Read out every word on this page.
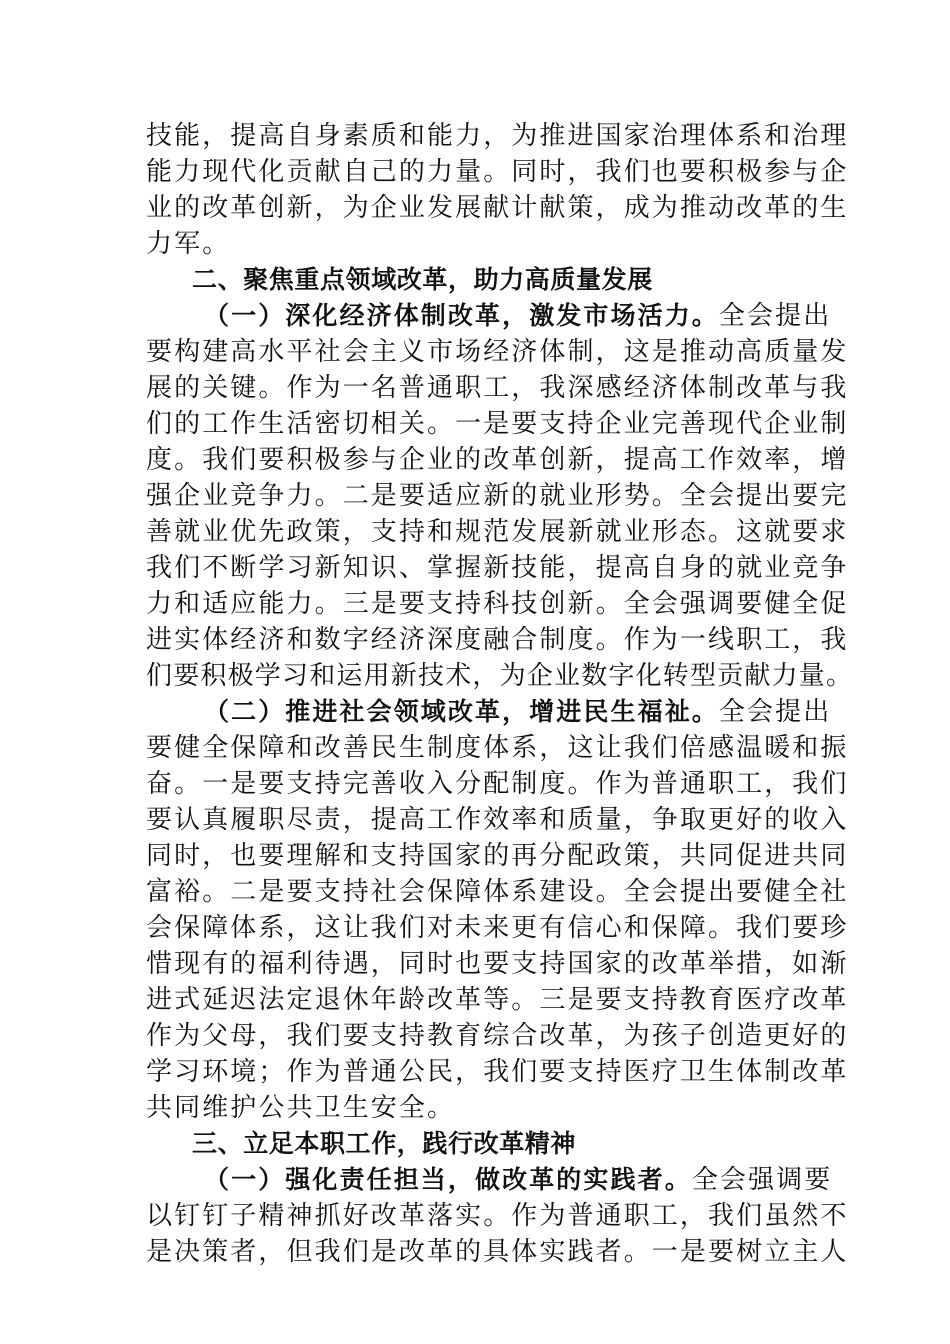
技能，提高自身素质和能力，为推进国家治理体系和治理
能力现代化贡献自己的力量。同时，我们也要积极参与企
业的改革创新，为企业发展献计献策，成为推动改革的生
力军。
二、聚焦重点领域改革，助力高质量发展
（一）深化经济体制改革，激发市场活力。全会提出
要构建高水平社会主义市场经济体制，这是推动高质量发
展的关键。作为一名普通职工，我深感经济体制改革与我
们的工作生活密切相关。一是要支持企业完善现代企业制
度。我们要积极参与企业的改革创新，提高工作效率，增
强企业竞争力。二是要适应新的就业形势。全会提出要完
善就业优先政策，支持和规范发展新就业形态。这就要求
我们不断学习新知识、掌握新技能，提高自身的就业竞争
力和适应能力。三是要支持科技创新。全会强调要健全促
进实体经济和数字经济深度融合制度。作为一线职工，我
们要积极学习和运用新技术，为企业数字化转型贡献力量。
（二）推进社会领域改革，增进民生福祉。全会提出
要健全保障和改善民生制度体系，这让我们倍感温暖和振
奋。一是要支持完善收入分配制度。作为普通职工，我们
要认真履职尽责，提高工作效率和质量，争取更好的收入
同时，也要理解和支持国家的再分配政策，共同促进共同
富裕。二是要支持社会保障体系建设。全会提出要健全社
会保障体系，这让我们对未来更有信心和保障。我们要珍
惜现有的福利待遇，同时也要支持国家的改革举措，如渐
进式延迟法定退休年龄改革等。三是要支持教育医疗改革
作为父母，我们要支持教育综合改革，为孩子创造更好的
学习环境；作为普通公民，我们要支持医疗卫生体制改革
共同维护公共卫生安全。
三、立足本职工作，践行改革精神
（一）强化责任担当，做改革的实践者。全会强调要
以钉钉子精神抓好改革落实。作为普通职工，我们虽然不
是决策者，但我们是改革的具体实践者。一是要树立主人
